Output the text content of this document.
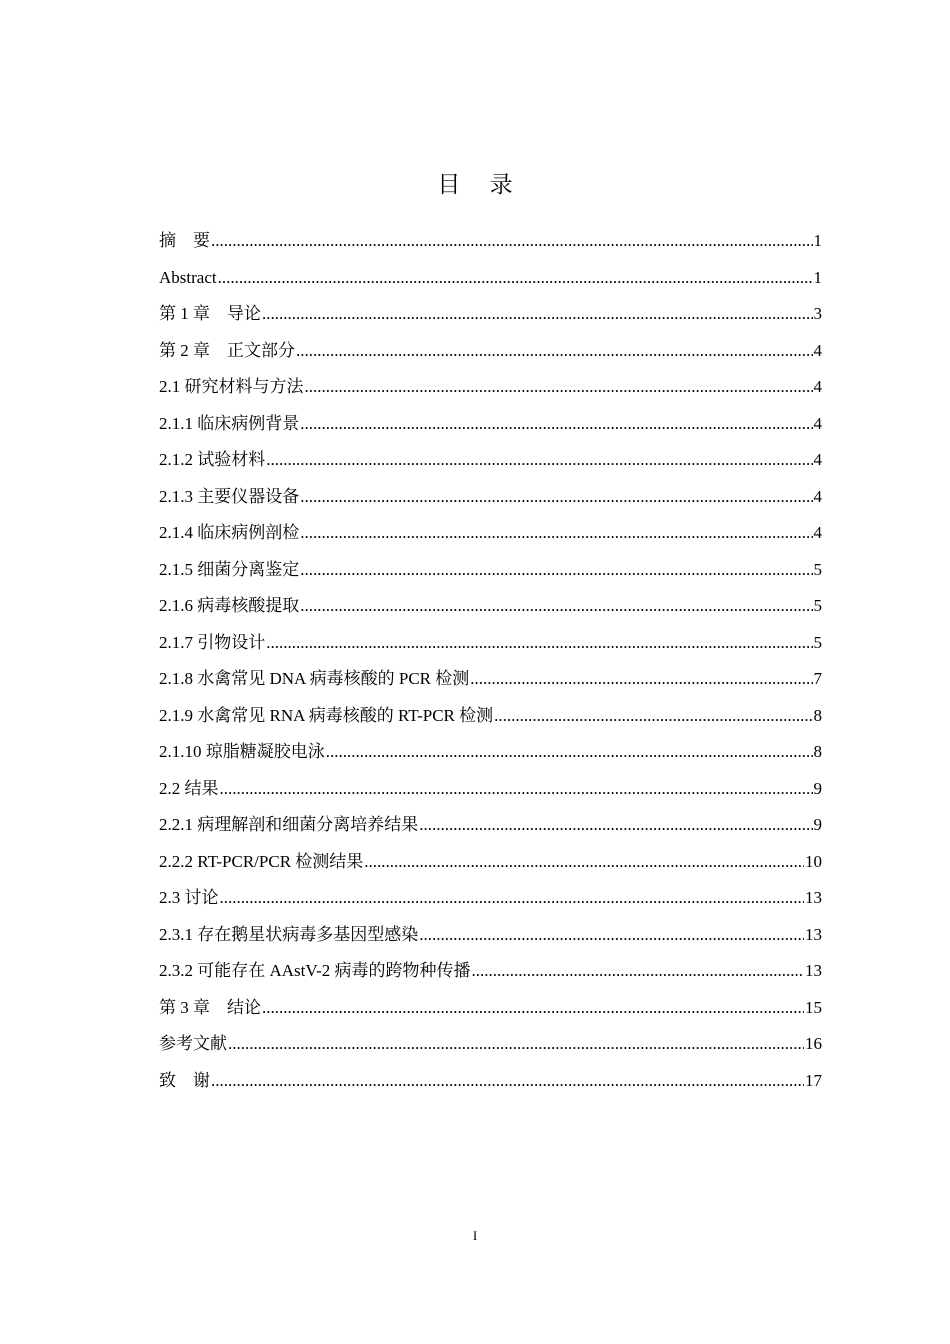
目    录
摘    要 .....	1
Abstract .....	1
第 1 章    导论 .....	3
第 2 章    正文部分 .....	4
2.1 研究材料与方法 .....	4
2.1.1 临床病例背景 .....	4
2.1.2 试验材料 .....	4
2.1.3 主要仪器设备 .....	4
2.1.4 临床病例剖检 .....	4
2.1.5 细菌分离鉴定 .....	5
2.1.6 病毒核酸提取 .....	5
2.1.7 引物设计 .....	5
2.1.8 水禽常见 DNA 病毒核酸的 PCR 检测 .....	7
2.1.9 水禽常见 RNA 病毒核酸的 RT-PCR 检测 .....	8
2.1.10 琼脂糖凝胶电泳 .....	8
2.2 结果 .....	9
2.2.1 病理解剖和细菌分离培养结果 .....	9
2.2.2 RT-PCR/PCR 检测结果 .....	10
2.3 讨论 .....	13
2.3.1 存在鹅星状病毒多基因型感染 .....	13
2.3.2 可能存在 AAstV-2 病毒的跨物种传播 .....	13
第 3 章    结论 .....	15
参考文献 .....	16
致    谢 .....	17
I
